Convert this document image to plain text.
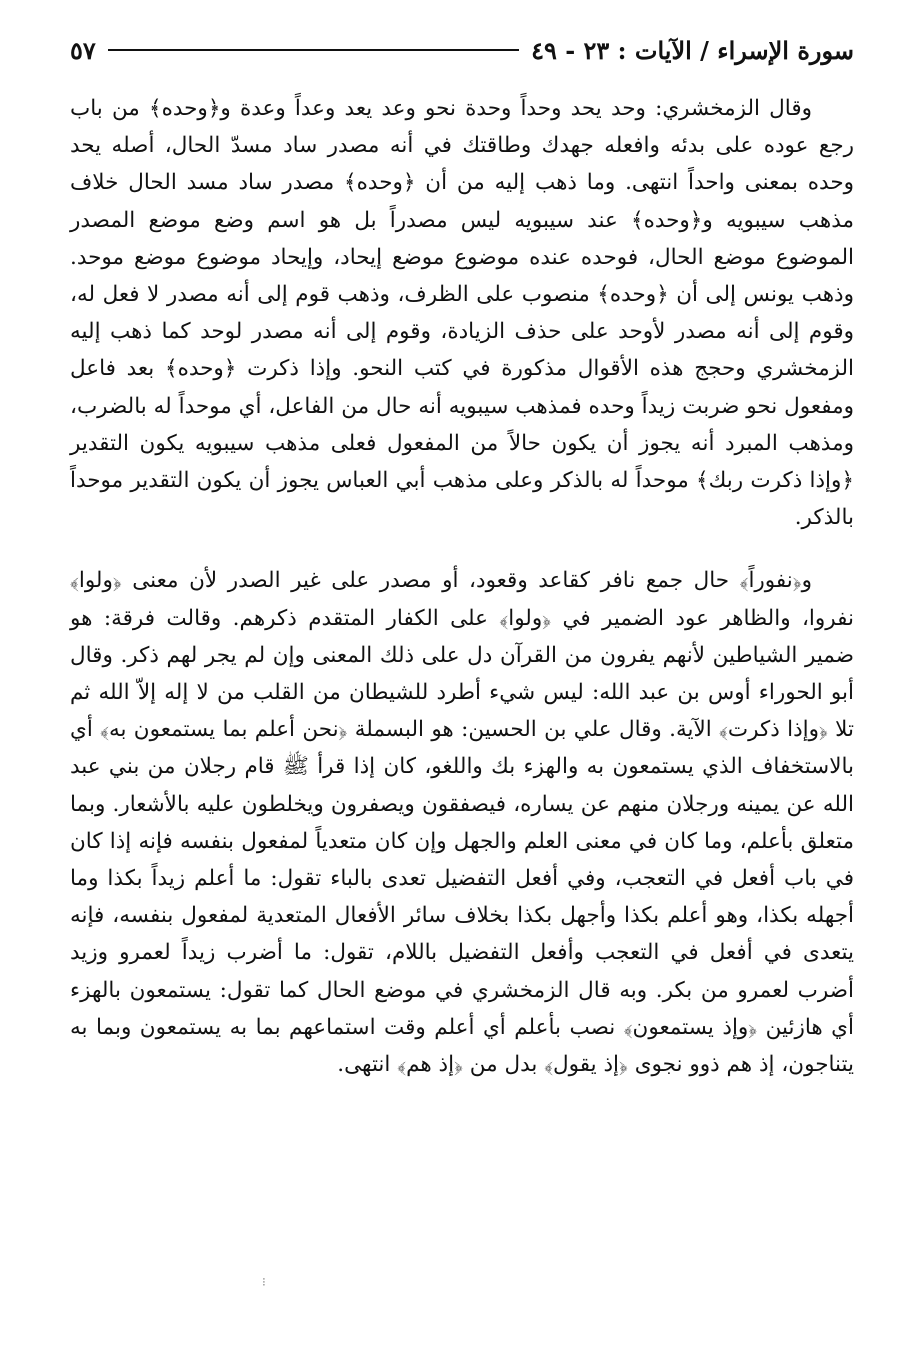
سورة الإسراء / الآيات : ٢٣ - ٤٩
٥٧

وقال الزمخشري: وحد يحد وحداً وحدة نحو وعد يعد وعداً وعدة و﴿وحده﴾ من باب رجع عوده على بدئه وافعله جهدك وطاقتك في أنه مصدر ساد مسدّ الحال، أصله يحد وحده بمعنى واحداً انتهى. وما ذهب إليه من أن ﴿وحده﴾ مصدر ساد مسد الحال خلاف مذهب سيبويه و﴿وحده﴾ عند سيبويه ليس مصدراً بل هو اسم وضع موضع المصدر الموضوع موضع الحال، فوحده عنده موضوع موضع إيحاد، وإيحاد موضوع موضع موحد. وذهب يونس إلى أن ﴿وحده﴾ منصوب على الظرف، وذهب قوم إلى أنه مصدر لا فعل له، وقوم إلى أنه مصدر لأوحد على حذف الزيادة، وقوم إلى أنه مصدر لوحد كما ذهب إليه الزمخشري وحجج هذه الأقوال مذكورة في كتب النحو. وإذا ذكرت ﴿وحده﴾ بعد فاعل ومفعول نحو ضربت زيداً وحده فمذهب سيبويه أنه حال من الفاعل، أي موحداً له بالضرب، ومذهب المبرد أنه يجوز أن يكون حالاً من المفعول فعلى مذهب سيبويه يكون التقدير ﴿وإذا ذكرت ربك﴾ موحداً له بالذكر وعلى مذهب أبي العباس يجوز أن يكون التقدير موحداً بالذكر.

و﴿نفوراً﴾ حال جمع نافر كقاعد وقعود، أو مصدر على غير الصدر لأن معنى ﴿ولوا﴾ نفروا، والظاهر عود الضمير في ﴿ولوا﴾ على الكفار المتقدم ذكرهم. وقالت فرقة: هو ضمير الشياطين لأنهم يفرون من القرآن دل على ذلك المعنى وإن لم يجر لهم ذكر. وقال أبو الحوراء أوس بن عبد الله: ليس شيء أطرد للشيطان من القلب من لا إله إلاّ الله ثم تلا ﴿وإذا ذكرت﴾ الآية. وقال علي بن الحسين: هو البسملة ﴿نحن أعلم بما يستمعون به﴾ أي بالاستخفاف الذي يستمعون به والهزء بك واللغو، كان إذا قرأ ﷺ قام رجلان من بني عبد الله عن يمينه ورجلان منهم عن يساره، فيصفقون ويصفرون ويخلطون عليه بالأشعار. وبما متعلق بأعلم، وما كان في معنى العلم والجهل وإن كان متعدياً لمفعول بنفسه فإنه إذا كان في باب أفعل في التعجب، وفي أفعل التفضيل تعدى بالباء تقول: ما أعلم زيداً بكذا وما أجهله بكذا، وهو أعلم بكذا وأجهل بكذا بخلاف سائر الأفعال المتعدية لمفعول بنفسه، فإنه يتعدى في أفعل في التعجب وأفعل التفضيل باللام، تقول: ما أضرب زيداً لعمرو وزيد أضرب لعمرو من بكر. وبه قال الزمخشري في موضع الحال كما تقول: يستمعون بالهزء أي هازئين ﴿وإذ يستمعون﴾ نصب بأعلم أي أعلم وقت استماعهم بما به يستمعون وبما به يتناجون، إذ هم ذوو نجوى ﴿إذ يقول﴾ بدل من ﴿إذ هم﴾ انتهى.

⁝
